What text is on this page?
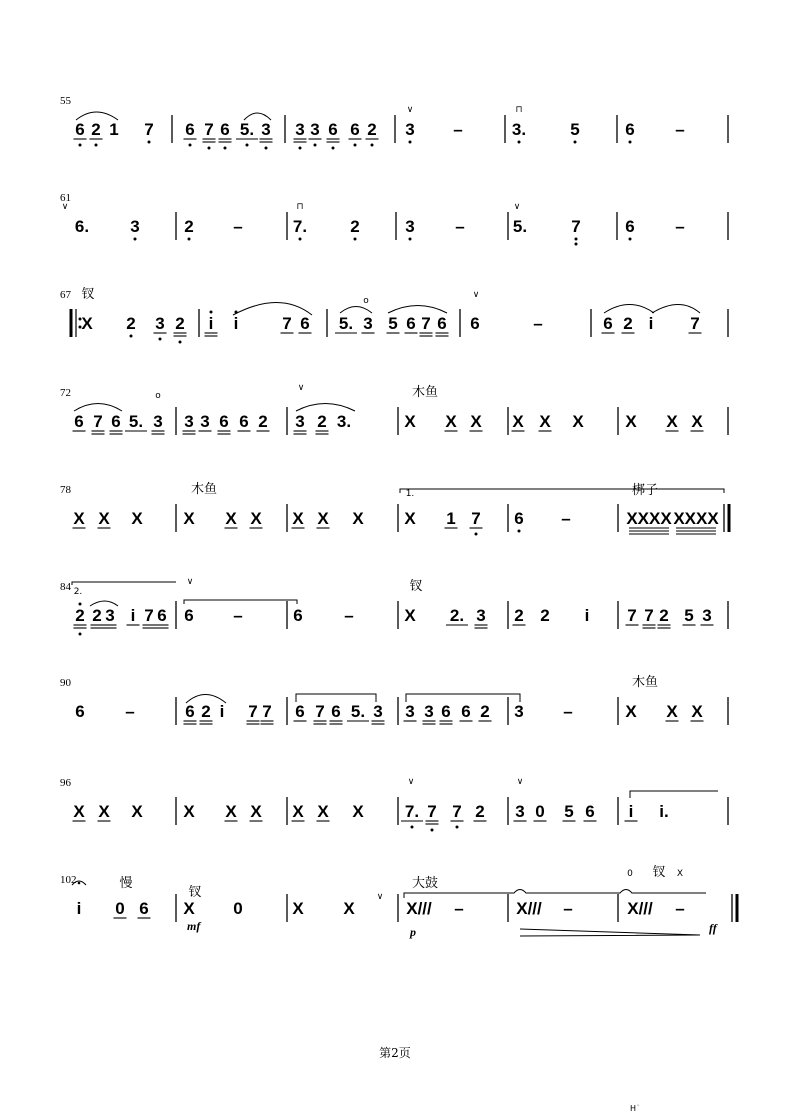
55
6 2 1 7 6 7 6 5. 3 3 3 6 6 2 3 –	3.	5	6 –
∨	⊓
61
6. 3	2 –	7.	2	3 –	5.	7	6 –
∨	⊓	∨
67
X 2 3 2 i i	7 6 5. 3 5 6 7 6 6	–	6 2 i 7
钗	o
∨
72
6 7 6 5. 3 3 3 6 6 2 3 2 3.	X X X X X X X X X
木鱼
o
∨
78
X X X X X X X X X X 1 7 6 –	XXXX XXXX
木鱼	梆子
1.
84
2 2 3 i 7 6 6 –	6 –	X 2. 3 2 2 i 7 7 2 5 3
钗
2.
∨
90
6 –	6 2 i 7 7 6 7 6 5. 3 3 3 6 6 2 3 –	X X X
木鱼
96
X X X X X X X X X 7. 7 7 2 3 0 5 6 i i.
∨	∨
102
i 0 6 X 0	X X	X/// –	X/// –	X/// –
慢
钗
大鼓
钗
0	X
∨
mf	p	ff
第2页
H˙
